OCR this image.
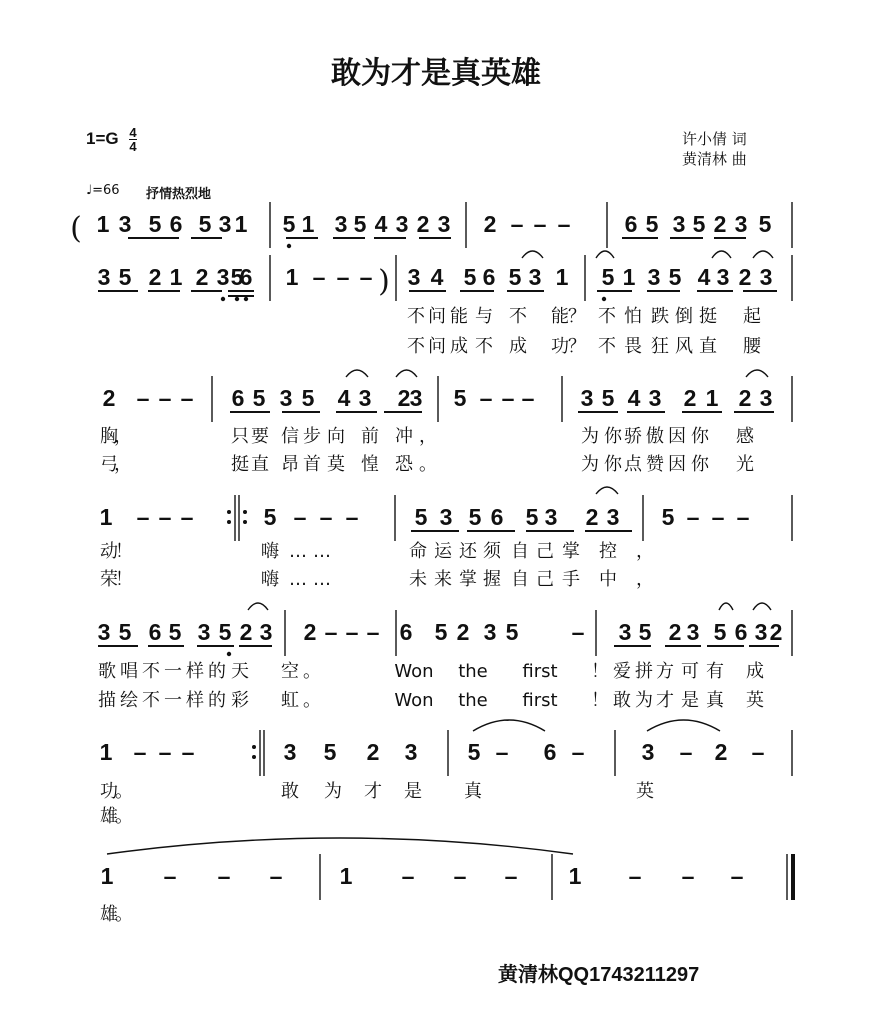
敢为才是真英雄
$1=G \frac{4}{4}$	许小倩 词
黄清林 曲
♩=66 抒情热烈地
黄清林QQ1743211297
( 1 3 5 6 5 3 1 5 1 3 5 4 3 2 3 2 – – – 6 5 3 5 2 3 5
3 5 2 1 2 3 5
6 1 – – – ) 3 4 5 6 5 3 1 5 1 3 5 4 3 2 3
2 – – – 6 5 3 5 4 3 2 3 5 – – – 3 5 4 3 2 1 2 3
1 – – –	5 – – – 5 3 5 6 5 3 2 3 5 – – –
3 5 6 5 3 5 2 3 2 – – – 6 5 2 3 5 – 3 5 2 3 5 6 3 2
1 – – –	3 5 2 3 5 – 6 – 3 – 2 –
1 – – – 1 – – – 1 – – –
不 问 能 与 不 能 ？ 不 怕 跌 倒 挺 起
不 问 成 不 成 功 ？ 不 畏 狂 风 直 腰
胸
，	只 要 信 步 向 前 冲 ，	为 你 骄 傲 因 你 感
弓
，	挺 直 昂 首 莫 惶 恐 。	为 你 点 赞 因 你 光
动
！	嗨 … …	命 运 还 须 自 己 掌 控 ，
荣
！	嗨 … …	未 来 掌 握 自 己 手 中 ，
歌 唱 不 一 样 的 天 空 。	Won the first ！ 爱 拼 方 可 有 成
描 绘 不 一 样 的 彩 虹 。	Won the first ！ 敢 为 才 是 真 英
功
。	敢 为 才 是 真	英
雄
。
雄
。
